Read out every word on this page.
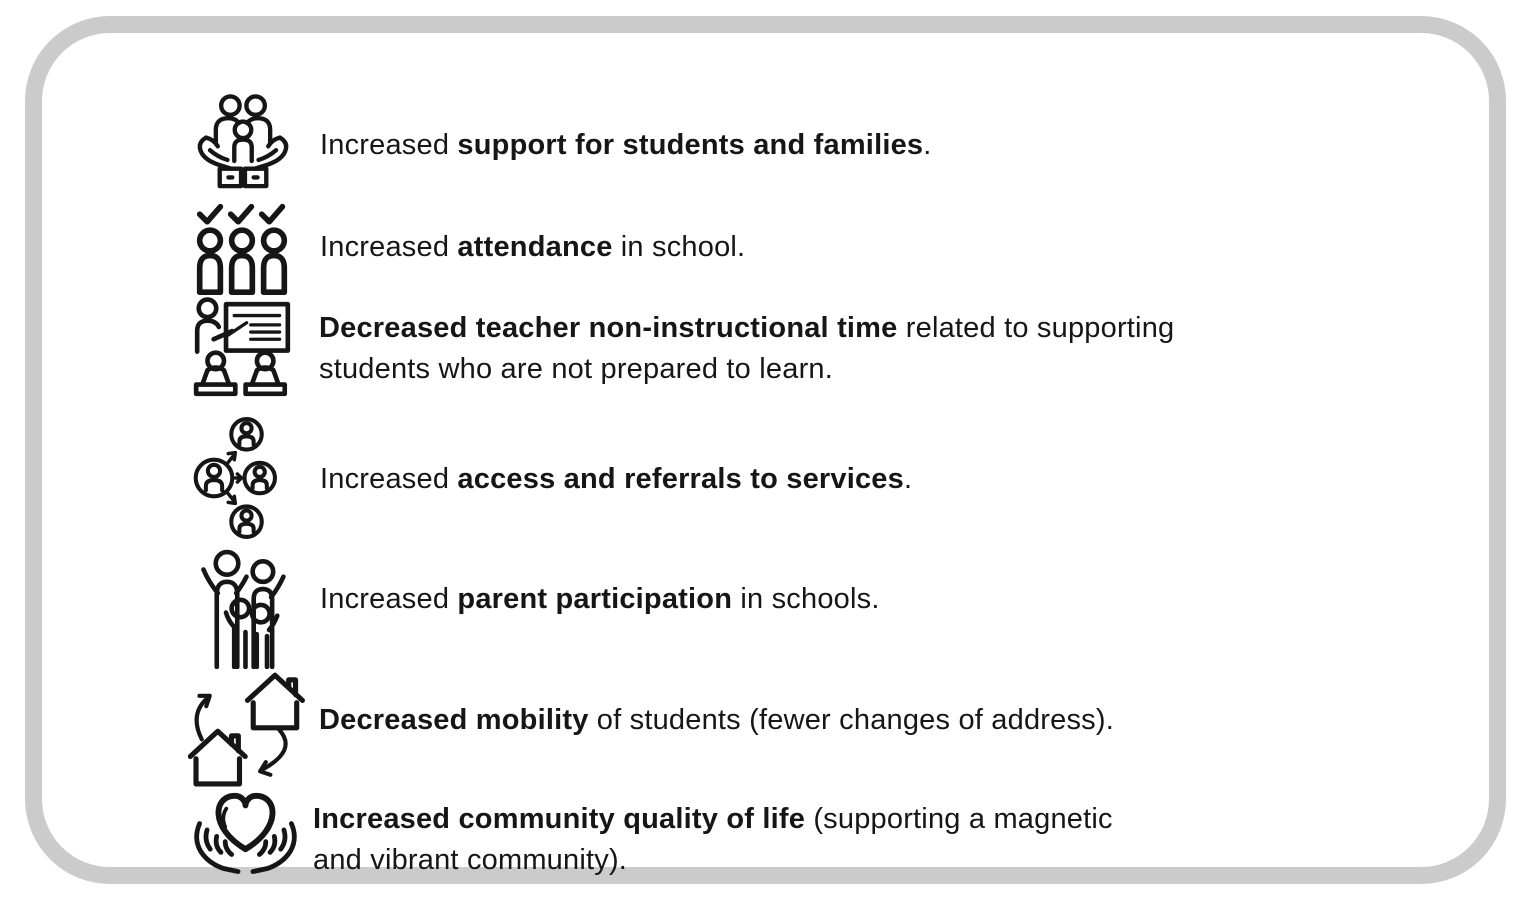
Increased support for students and families.
Increased attendance in school.
Decreased teacher non-instructional time related to supporting
students who are not prepared to learn.
Increased access and referrals to services.
Increased parent participation in schools.
Decreased mobility of students (fewer changes of address).
Increased community quality of life (supporting a magnetic
and vibrant community).
